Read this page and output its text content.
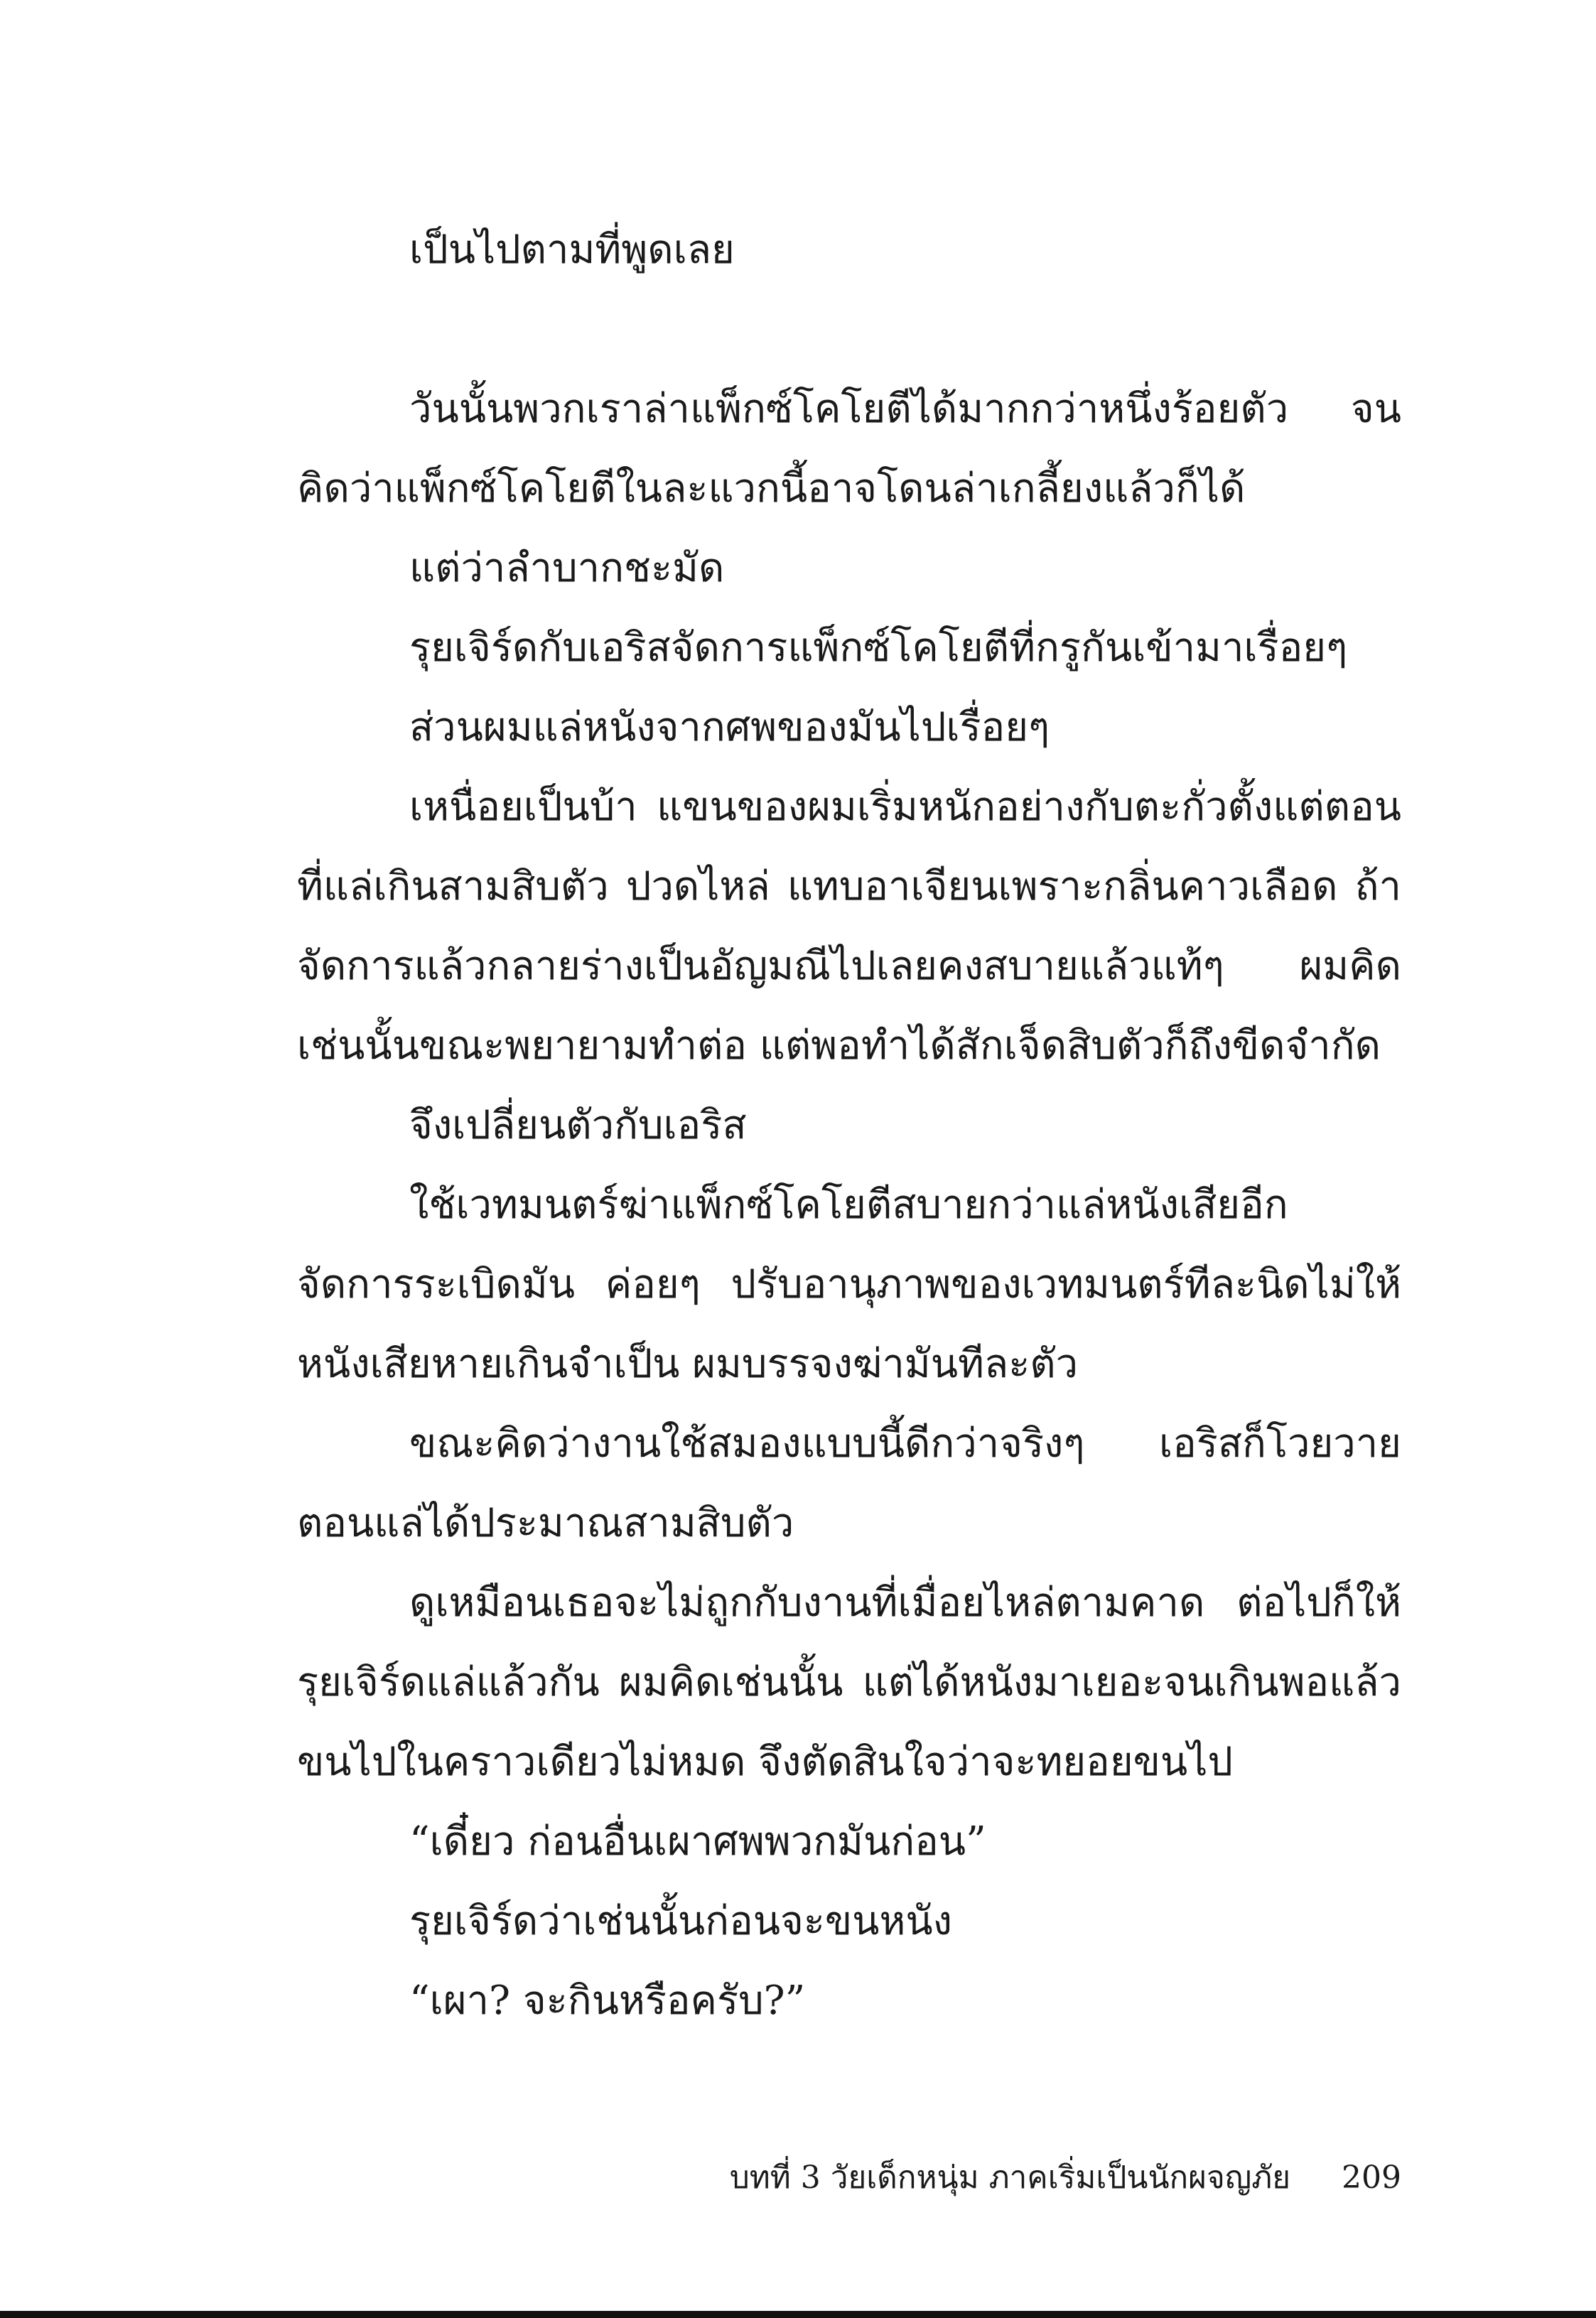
เป็นไปตามที่พูดเลย

วันนั้นพวกเราล่าแพ็กซ์โคโยตีได้มากกว่าหนึ่งร้อยตัว จนคิดว่าแพ็กซ์โคโยตีในละแวกนี้อาจโดนล่าเกลี้ยงแล้วก็ได้

แต่ว่าลำบากชะมัด

รุยเจิร์ดกับเอริสจัดการแพ็กซ์โคโยตีที่กรูกันเข้ามาเรื่อยๆ

ส่วนผมแล่หนังจากศพของมันไปเรื่อยๆ

เหนื่อยเป็นบ้า แขนของผมเริ่มหนักอย่างกับตะกั่วตั้งแต่ตอนที่แล่เกินสามสิบตัว ปวดไหล่ แทบอาเจียนเพราะกลิ่นคาวเลือด ถ้าจัดการแล้วกลายร่างเป็นอัญมณีไปเลยคงสบายแล้วแท้ๆ ผมคิดเช่นนั้นขณะพยายามทำต่อ แต่พอทำได้สักเจ็ดสิบตัวก็ถึงขีดจำกัด

จึงเปลี่ยนตัวกับเอริส

ใช้เวทมนตร์ฆ่าแพ็กซ์โคโยตีสบายกว่าแล่หนังเสียอีก จัดการระเบิดมัน ค่อยๆ ปรับอานุภาพของเวทมนตร์ทีละนิดไม่ให้หนังเสียหายเกินจำเป็น ผมบรรจงฆ่ามันทีละตัว

ขณะคิดว่างานใช้สมองแบบนี้ดีกว่าจริงๆ เอริสก็โวยวายตอนแล่ได้ประมาณสามสิบตัว

ดูเหมือนเธอจะไม่ถูกกับงานที่เมื่อยไหล่ตามคาด ต่อไปก็ให้รุยเจิร์ดแล่แล้วกัน ผมคิดเช่นนั้น แต่ได้หนังมาเยอะจนเกินพอแล้ว ขนไปในคราวเดียวไม่หมด จึงตัดสินใจว่าจะทยอยขนไป

“เดี๋ยว ก่อนอื่นเผาศพพวกมันก่อน”

รุยเจิร์ดว่าเช่นนั้นก่อนจะขนหนัง

“เผา? จะกินหรือครับ?”

บทที่ 3 วัยเด็กหนุ่ม ภาคเริ่มเป็นนักผจญภัย 209
